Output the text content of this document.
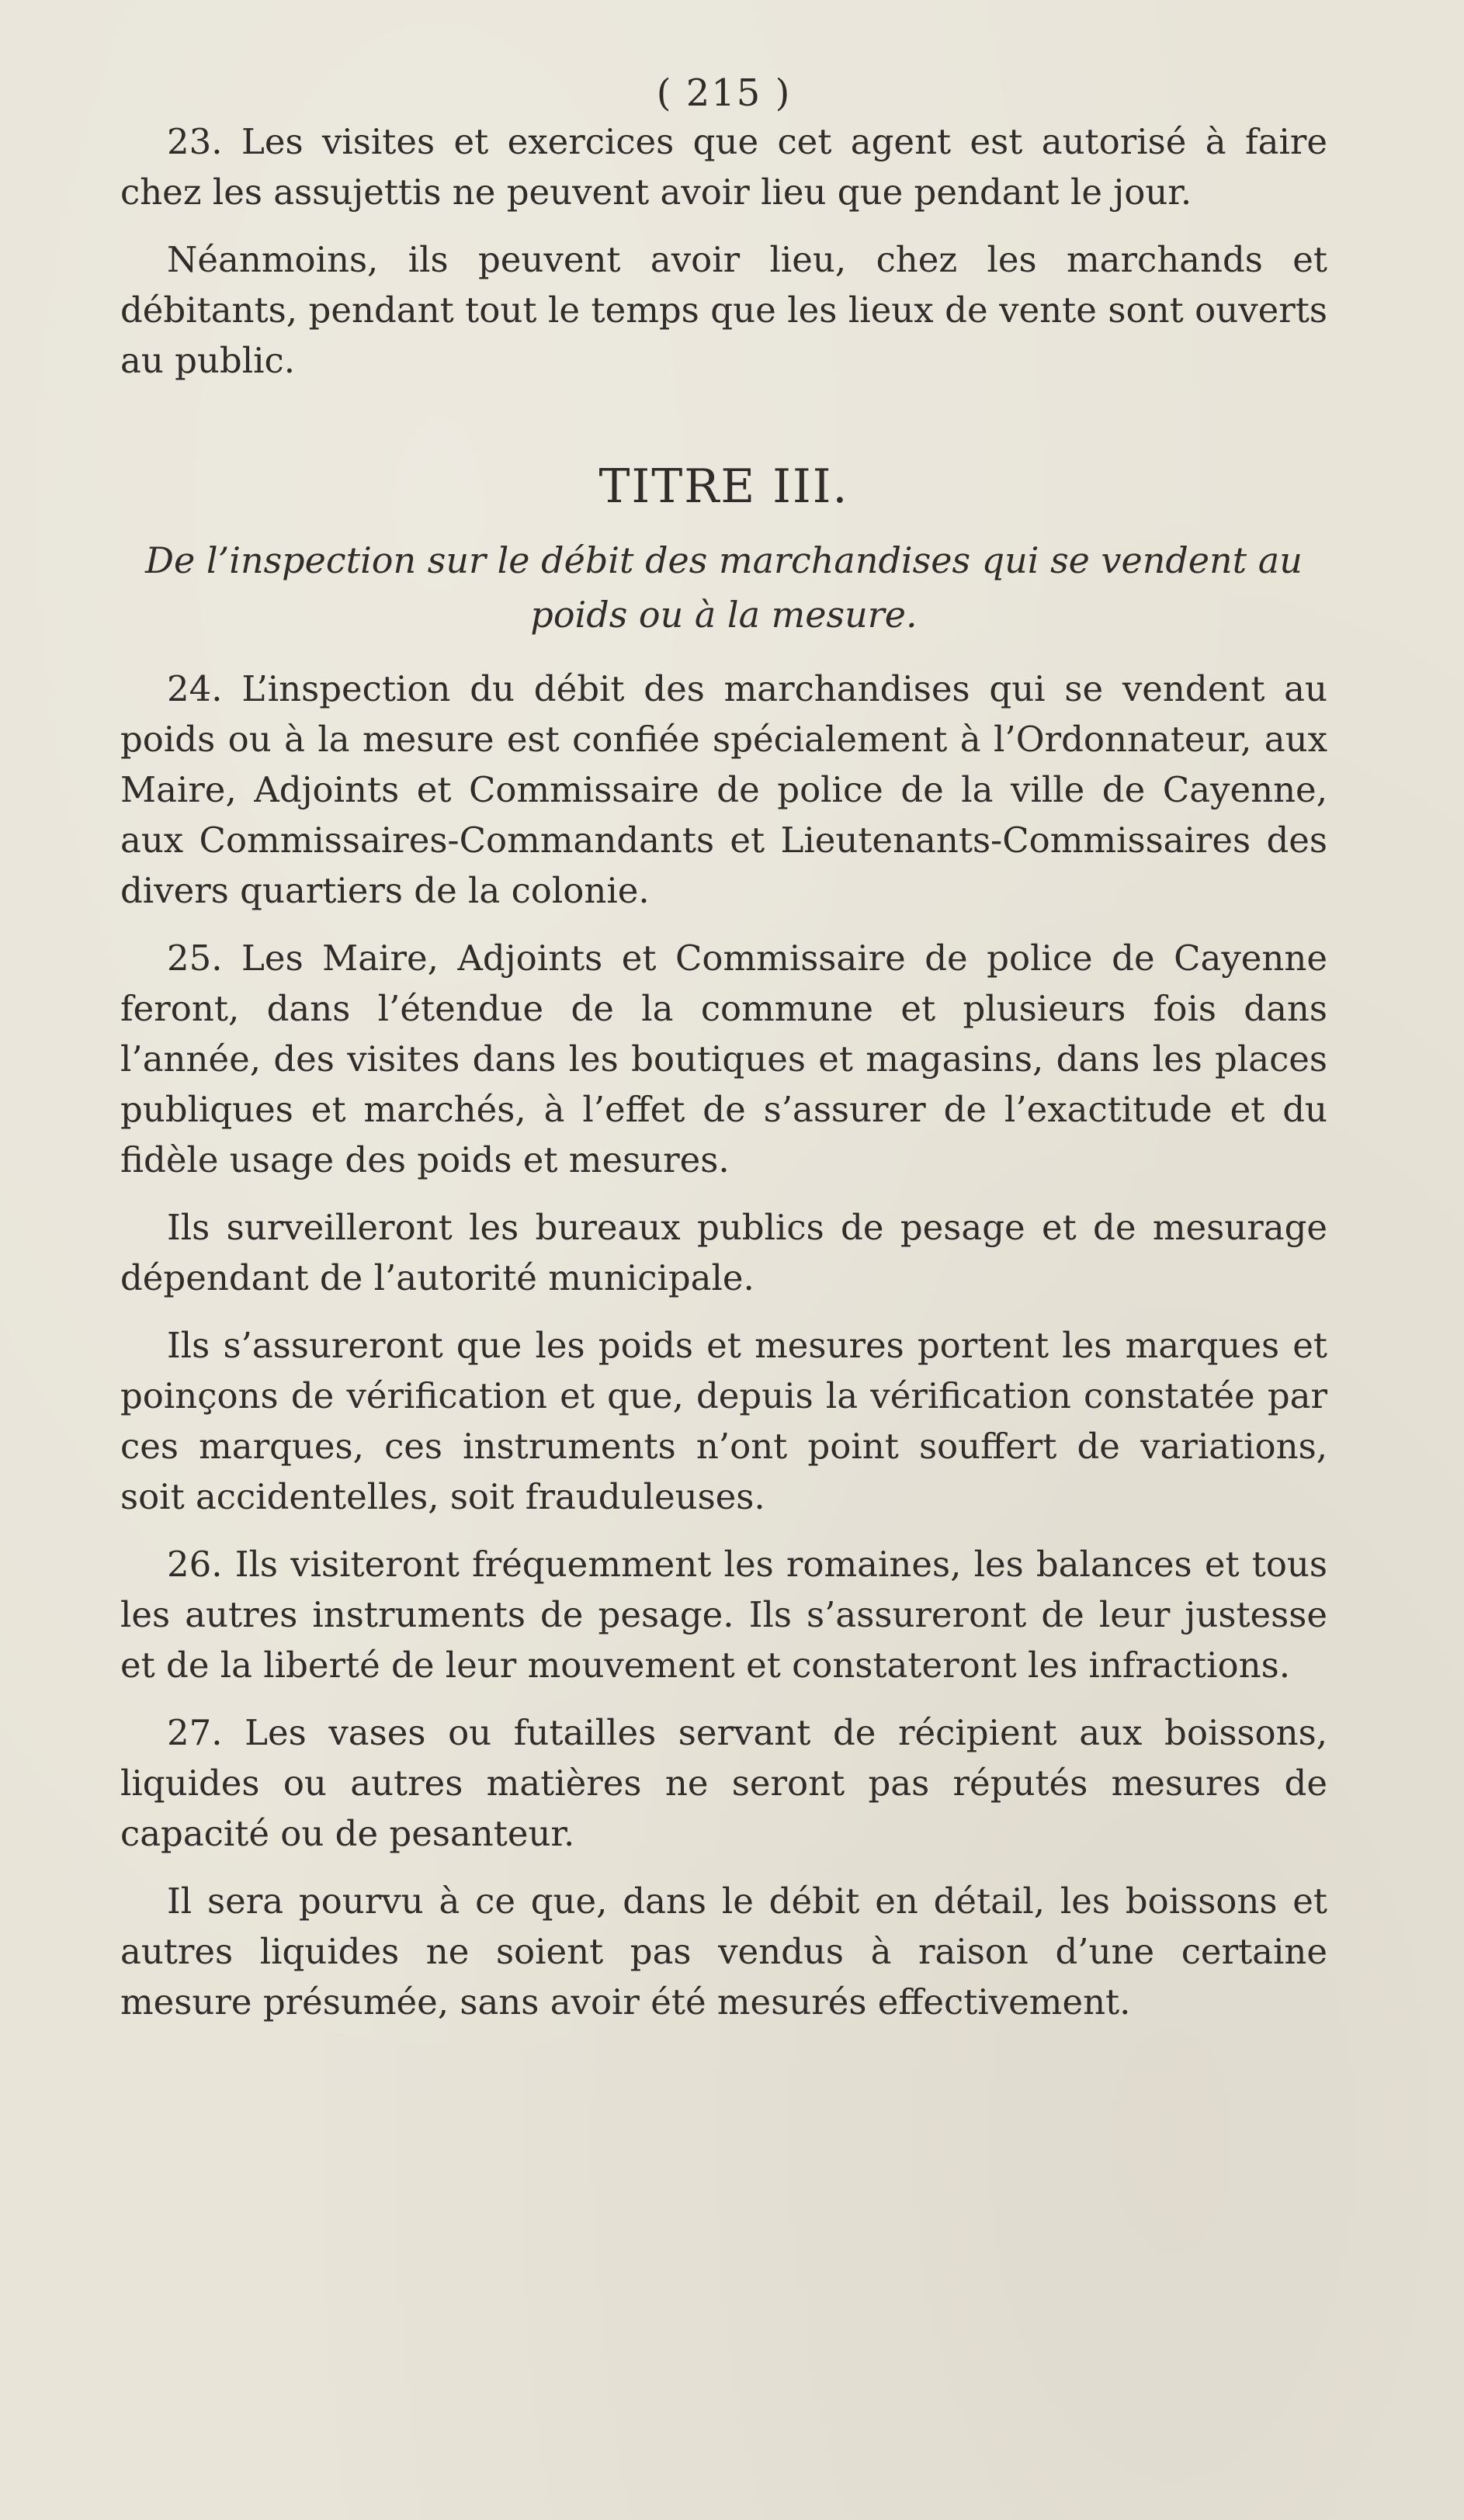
( 215 )

23. Les visites et exercices que cet agent est autorisé à faire chez les assujettis ne peuvent avoir lieu que pendant le jour.

Néanmoins, ils peuvent avoir lieu, chez les marchands et débitants, pendant tout le temps que les lieux de vente sont ouverts au public.

TITRE III.
De l’inspection sur le débit des marchandises qui se vendent au poids ou à la mesure.

24. L’inspection du débit des marchandises qui se vendent au poids ou à la mesure est confiée spécialement à l’Ordonnateur, aux Maire, Adjoints et Commissaire de police de la ville de Cayenne, aux Commissaires-Commandants et Lieutenants-Commissaires des divers quartiers de la colonie.

25. Les Maire, Adjoints et Commissaire de police de Cayenne feront, dans l’étendue de la commune et plusieurs fois dans l’année, des visites dans les boutiques et magasins, dans les places publiques et marchés, à l’effet de s’assurer de l’exactitude et du fidèle usage des poids et mesures.

Ils surveilleront les bureaux publics de pesage et de mesurage dépendant de l’autorité municipale.

Ils s’assureront que les poids et mesures portent les marques et poinçons de vérification et que, depuis la vérification constatée par ces marques, ces instruments n’ont point souffert de variations, soit accidentelles, soit frauduleuses.

26. Ils visiteront fréquemment les romaines, les balances et tous les autres instruments de pesage. Ils s’assureront de leur justesse et de la liberté de leur mouvement et constateront les infractions.

27. Les vases ou futailles servant de récipient aux boissons, liquides ou autres matières ne seront pas réputés mesures de capacité ou de pesanteur.

Il sera pourvu à ce que, dans le débit en détail, les boissons et autres liquides ne soient pas vendus à raison d’une certaine mesure présumée, sans avoir été mesurés effectivement.
